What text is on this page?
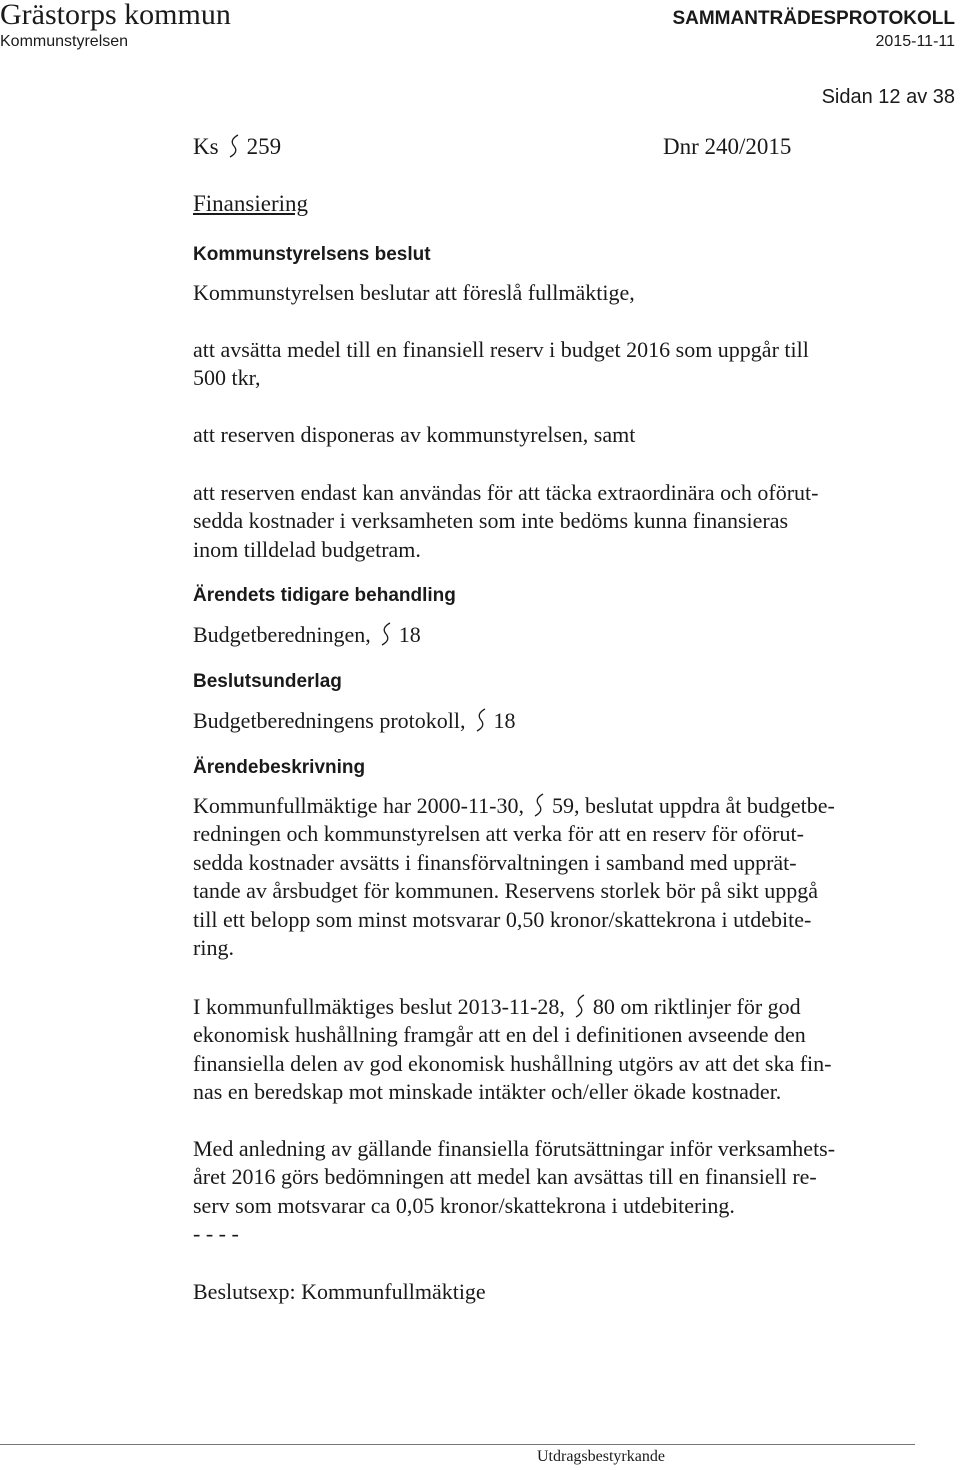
Grästorps kommun
Kommunstyrelsen
SAMMANTRÄDESPROTOKOLL
2015-11-11
Sidan 12 av 38
Ks 259	Dnr 240/2015
Finansiering
Kommunstyrelsens beslut
Kommunstyrelsen beslutar att föreslå fullmäktige,
att avsätta medel till en finansiell reserv i budget 2016 som uppgår till
500 tkr,
att reserven disponeras av kommunstyrelsen, samt
att reserven endast kan användas för att täcka extraordinära och oförut-
sedda kostnader i verksamheten som inte bedöms kunna finansieras
inom tilldelad budgetram.
Ärendets tidigare behandling
Budgetberedningen, 18
Beslutsunderlag
Budgetberedningens protokoll, 18
Ärendebeskrivning
Kommunfullmäktige har 2000-11-30, 59, beslutat uppdra åt budgetbe-
redningen och kommunstyrelsen att verka för att en reserv för oförut-
sedda kostnader avsätts i finansförvaltningen i samband med upprät-
tande av årsbudget för kommunen. Reservens storlek bör på sikt uppgå
till ett belopp som minst motsvarar 0,50 kronor/skattekrona i utdebite-
ring.
I kommunfullmäktiges beslut 2013-11-28, 80 om riktlinjer för god
ekonomisk hushållning framgår att en del i definitionen avseende den
finansiella delen av god ekonomisk hushållning utgörs av att det ska fin-
nas en beredskap mot minskade intäkter och/eller ökade kostnader.
Med anledning av gällande finansiella förutsättningar inför verksamhets-
året 2016 görs bedömningen att medel kan avsättas till en finansiell re-
serv som motsvarar ca 0,05 kronor/skattekrona i utdebitering.
- - - -
Beslutsexp: Kommunfullmäktige
Utdragsbestyrkande
